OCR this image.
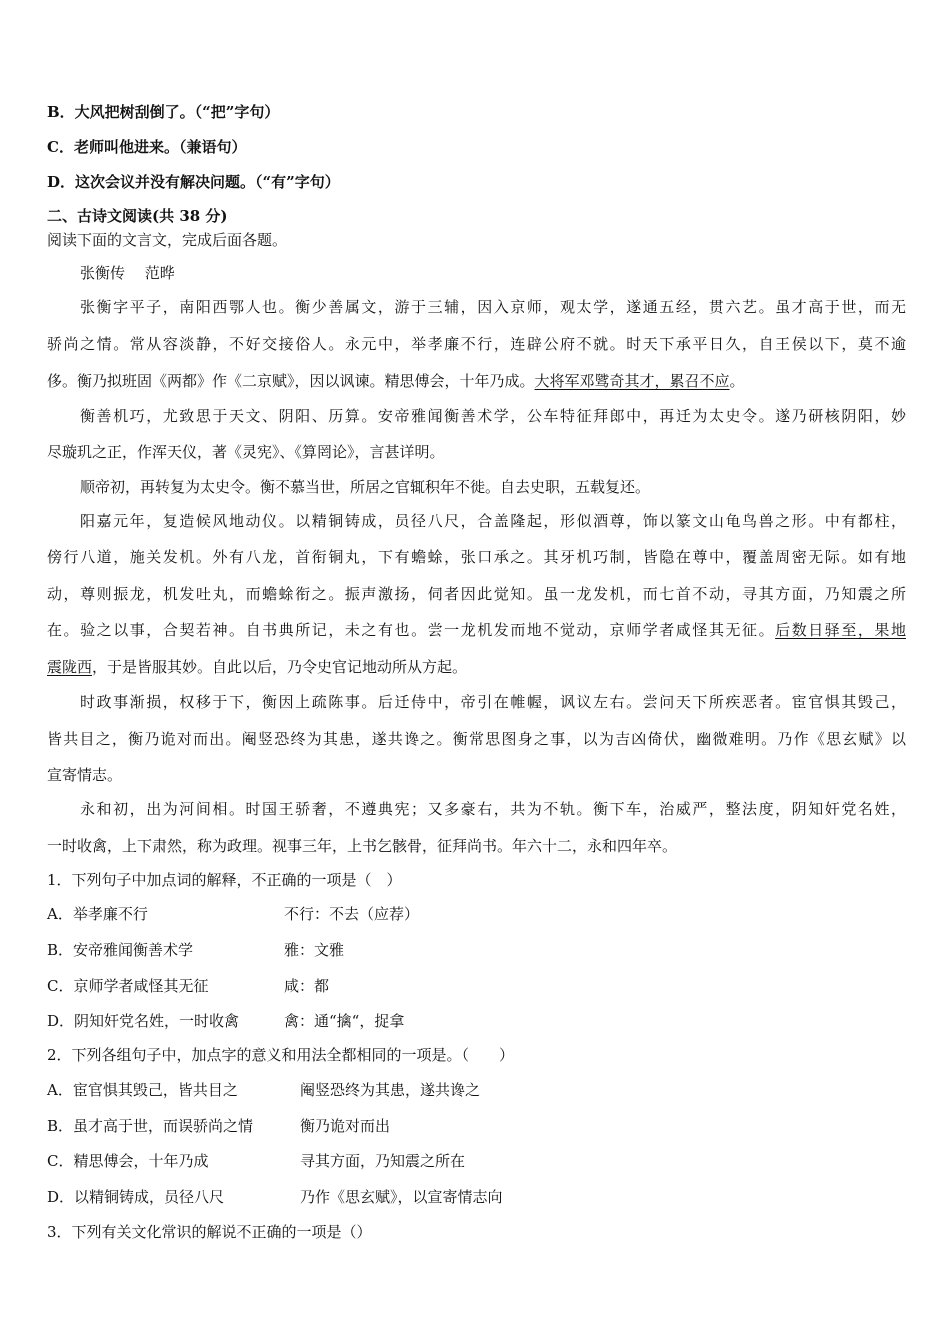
B．大风把树刮倒了。（“把”字句）
C．老师叫他进来。（兼语句）
D．这次会议并没有解决问题。（“有”字句）
二、古诗文阅读(共 38 分)
阅读下面的文言文，完成后面各题。
张衡传　 范晔
张衡字平子，南阳西鄂人也。衡少善属文，游于三辅，因入京师，观太学，遂通五经，贯六艺。虽才高于世，而无
骄尚之情。常从容淡静，不好交接俗人。永元中，举孝廉不行，连辟公府不就。时天下承平日久，自王侯以下，莫不逾
侈。衡乃拟班固《两都》作《二京赋》，因以讽谏。精思傅会，十年乃成。大将军邓骘奇其才，累召不应。
衡善机巧，尤致思于天文、阴阳、历算。安帝雅闻衡善术学，公车特征拜郎中，再迁为太史令。遂乃研核阴阳，妙
尽璇玑之正，作浑天仪，著《灵宪》、《算罔论》，言甚详明。
顺帝初，再转复为太史令。衡不慕当世，所居之官辄积年不徙。自去史职，五载复还。
阳嘉元年，复造候风地动仪。以精铜铸成，员径八尺，合盖隆起，形似酒尊，饰以篆文山龟鸟兽之形。中有都柱，
傍行八道，施关发机。外有八龙，首衔铜丸，下有蟾蜍，张口承之。其牙机巧制，皆隐在尊中，覆盖周密无际。如有地
动，尊则振龙，机发吐丸，而蟾蜍衔之。振声激扬，伺者因此觉知。虽一龙发机，而七首不动，寻其方面，乃知震之所
在。验之以事，合契若神。自书典所记，未之有也。尝一龙机发而地不觉动，京师学者咸怪其无征。后数日驿至，果地
震陇西，于是皆服其妙。自此以后，乃令史官记地动所从方起。
时政事渐损，权移于下，衡因上疏陈事。后迁侍中，帝引在帷幄，讽议左右。尝问天下所疾恶者。宦官惧其毁己，
皆共目之，衡乃诡对而出。阉竖恐终为其患，遂共谗之。衡常思图身之事，以为吉凶倚伏，幽微难明。乃作《思玄赋》以
宣寄情志。
永和初，出为河间相。时国王骄奢，不遵典宪；又多豪右，共为不轨。衡下车，治威严，整法度，阴知奸党名姓，
一时收禽，上下肃然，称为政理。视事三年，上书乞骸骨，征拜尚书。年六十二，永和四年卒。
1．下列句子中加点词的解释，不正确的一项是（　）
A．举孝廉不行	不行：不去（应荐）
B．安帝雅闻衡善术学	雅：文雅
C．京师学者咸怪其无征	咸：都
D．阴知奸党名姓，一时收禽	禽：通“擒“，捉拿
2．下列各组句子中，加点字的意义和用法全都相同的一项是。（　　）
A．宦官惧其毁己，皆共目之	阉竖恐终为其患，遂共谗之
B．虽才高于世，而误骄尚之情	衡乃诡对而出
C．精思傅会，十年乃成	寻其方面，乃知震之所在
D．以精铜铸成，员径八尺	乃作《思玄赋》，以宣寄情志向
3．下列有关文化常识的解说不正确的一项是（）
